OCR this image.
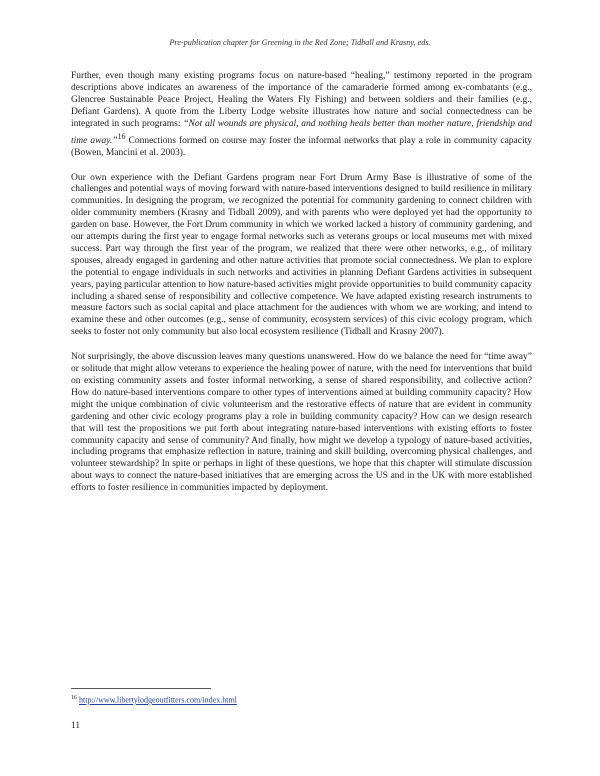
Pre-publication chapter for Greening in the Red Zone; Tidball and Krasny, eds.

Further, even though many existing programs focus on nature-based “healing,” testimony reported in the program descriptions above indicates an awareness of the importance of the camaraderie formed among ex-combatants (e.g., Glencree Sustainable Peace Project, Healing the Waters Fly Fishing) and between soldiers and their families (e.g., Defiant Gardens). A quote from the Liberty Lodge website illustrates how nature and social connectedness can be integrated in such programs: “Not all wounds are physical, and nothing heals better than mother nature, friendship and time away.”$^{16}$ Connections formed on course may foster the informal networks that play a role in community capacity (Bowen, Mancini et al. 2003).

Our own experience with the Defiant Gardens program near Fort Drum Army Base is illustrative of some of the challenges and potential ways of moving forward with nature-based interventions designed to build resilience in military communities. In designing the program, we recognized the potential for community gardening to connect children with older community members (Krasny and Tidball 2009), and with parents who were deployed yet had the opportunity to garden on base. However, the Fort Drum community in which we worked lacked a history of community gardening, and our attempts during the first year to engage formal networks such as veterans groups or local museums met with mixed success. Part way through the first year of the program, we realized that there were other networks, e.g., of military spouses, already engaged in gardening and other nature activities that promote social connectedness. We plan to explore the potential to engage individuals in such networks and activities in planning Defiant Gardens activities in subsequent years, paying particular attention to how nature-based activities might provide opportunities to build community capacity including a shared sense of responsibility and collective competence. We have adapted existing research instruments to measure factors such as social capital and place attachment for the audiences with whom we are working, and intend to examine these and other outcomes (e.g., sense of community, ecosystem services) of this civic ecology program, which seeks to foster not only community but also local ecosystem resilience (Tidball and Krasny 2007).

Not surprisingly, the above discussion leaves many questions unanswered. How do we balance the need for “time away” or solitude that might allow veterans to experience the healing power of nature, with the need for interventions that build on existing community assets and foster informal networking, a sense of shared responsibility, and collective action? How do nature-based interventions compare to other types of interventions aimed at building community capacity? How might the unique combination of civic volunteerism and the restorative effects of nature that are evident in community gardening and other civic ecology programs play a role in building community capacity? How can we design research that will test the propositions we put forth about integrating nature-based interventions with existing efforts to foster community capacity and sense of community? And finally, how might we develop a typology of nature-based activities, including programs that emphasize reflection in nature, training and skill building, overcoming physical challenges, and volunteer stewardship? In spite or perhaps in light of these questions, we hope that this chapter will stimulate discussion about ways to connect the nature-based initiatives that are emerging across the US and in the UK with more established efforts to foster resilience in communities impacted by deployment.

$^{16}$ http://www.libertylodgeoutfitters.com/index.html
11
